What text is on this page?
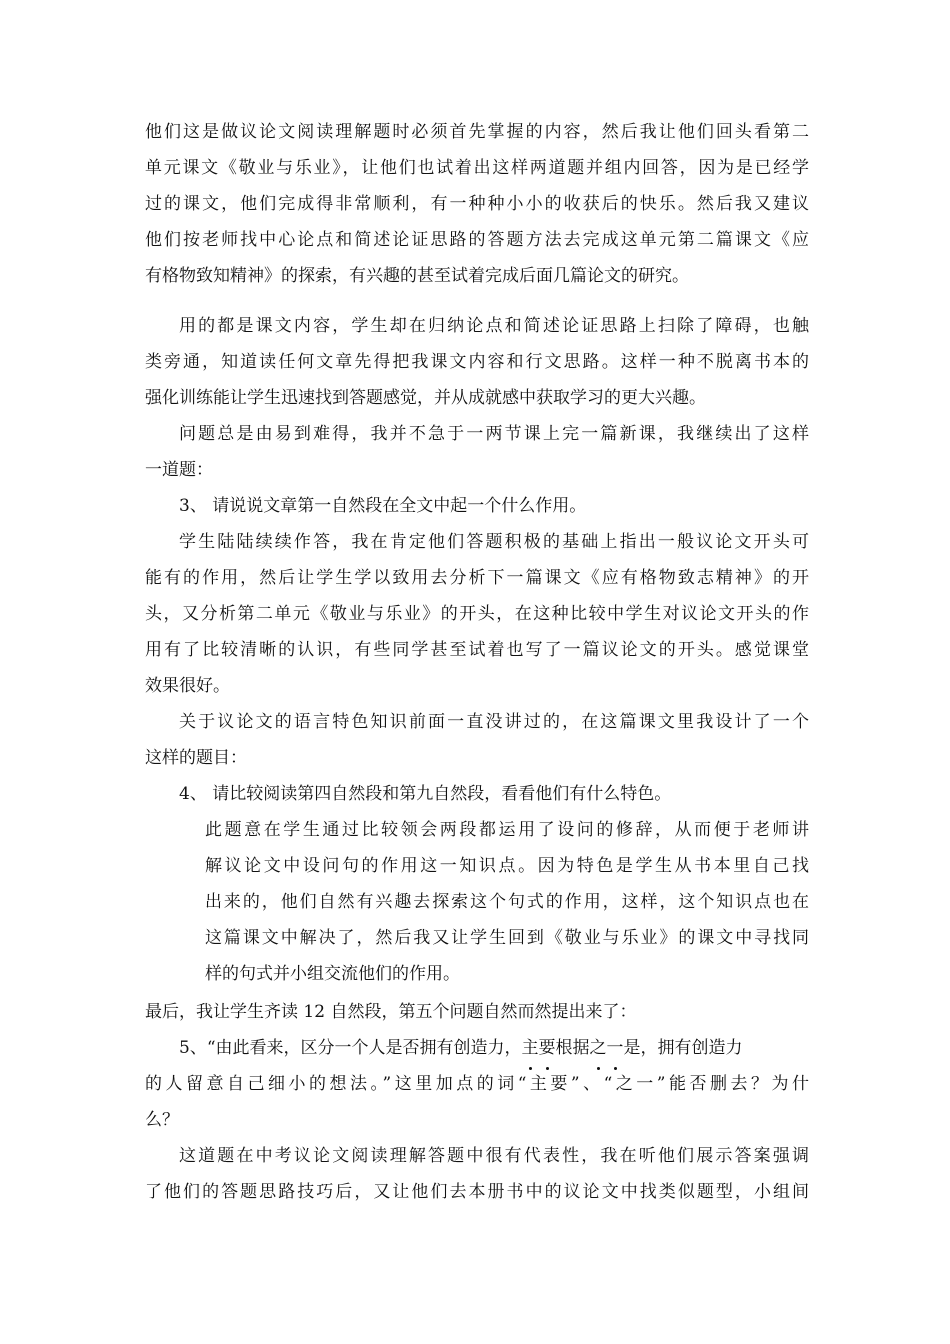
他们这是做议论文阅读理解题时必须首先掌握的内容，然后我让他们回头看第二
单元课文《敬业与乐业》，让他们也试着出这样两道题并组内回答，因为是已经学
过的课文，他们完成得非常顺利，有一种种小小的收获后的快乐。然后我又建议
他们按老师找中心论点和简述论证思路的答题方法去完成这单元第二篇课文《应
有格物致知精神》的探索，有兴趣的甚至试着完成后面几篇论文的研究。
用的都是课文内容，学生却在归纳论点和简述论证思路上扫除了障碍，也触
类旁通，知道读任何文章先得把我课文内容和行文思路。这样一种不脱离书本的
强化训练能让学生迅速找到答题感觉，并从成就感中获取学习的更大兴趣。
问题总是由易到难得，我并不急于一两节课上完一篇新课，我继续出了这样
一道题：
3、 请说说文章第一自然段在全文中起一个什么作用。
学生陆陆续续作答，我在肯定他们答题积极的基础上指出一般议论文开头可
能有的作用，然后让学生学以致用去分析下一篇课文《应有格物致志精神》的开
头，又分析第二单元《敬业与乐业》的开头，在这种比较中学生对议论文开头的作
用有了比较清晰的认识，有些同学甚至试着也写了一篇议论文的开头。感觉课堂
效果很好。
关于议论文的语言特色知识前面一直没讲过的，在这篇课文里我设计了一个
这样的题目：
4、 请比较阅读第四自然段和第九自然段，看看他们有什么特色。
此题意在学生通过比较领会两段都运用了设问的修辞，从而便于老师讲
解议论文中设问句的作用这一知识点。因为特色是学生从书本里自己找
出来的，他们自然有兴趣去探索这个句式的作用，这样，这个知识点也在
这篇课文中解决了，然后我又让学生回到《敬业与乐业》的课文中寻找同
样的句式并小组交流他们的作用。
最后，我让学生齐读 12 自然段，第五个问题自然而然提出来了：
5、“由此看来，区分一个人是否拥有创造力，主要根据之一是，拥有创造力
的人留意自己细小的想法。”这里加点的词“主要”、“之一”能否删去？为什
么？
这道题在中考议论文阅读理解答题中很有代表性，我在听他们展示答案强调
了他们的答题思路技巧后，又让他们去本册书中的议论文中找类似题型，小组间
